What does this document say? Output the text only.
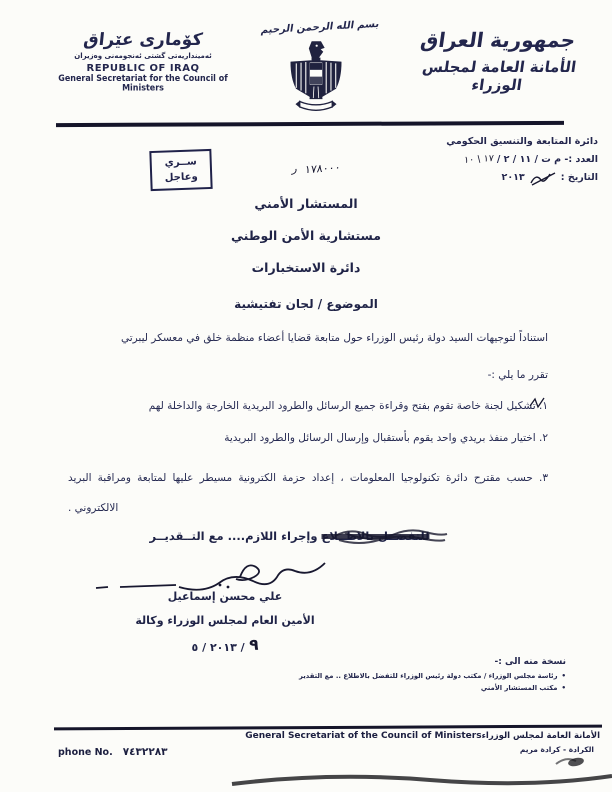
كۆماری عێراق
ئەمینداریەتی گشتی ئەنجومەنی وەزیران
REPUBLIC OF IRAQ
General Secretariat for the Council of Ministers
بسم الله الرحمن الرحيم
جمهورية العراق
الأمانة العامة لمجلس الوزراء
دائرة المتابعة والتنسيق الحكومي
العدد :- م ت / ١١ / ٢ /
١٧ \ ١٠
التاريخ :
٢٠١٣
ســري
وعاجل
ر ١٧٨٠٠٠
المستشار الأمني
مستشارية الأمن الوطني
دائرة الاستخبارات
الموضوع / لجان تفتيشية
استناداً لتوجيهات السيد دولة رئيس الوزراء حول متابعة قضايا أعضاء منظمة خلق في معسكر ليبرتي
تقرر ما يلي :-
١. تشكيل لجنة خاصة تقوم بفتح وقراءة جميع الرسائل والطرود البريدية الخارجة والداخلة لهم
٢. اختيار منفذ بريدي واحد يقوم بأستقبال وإرسال الرسائل والطرود البريدية
٣. حسب مقترح دائرة تكنولوجيا المعلومات ، إعداد حزمة الكترونية مسيطر عليها لمتابعة ومراقبة البريد الالكتروني .
للتفضــل بالاطــلاع وإجراء اللازم.... مع التــقديــر
علي محسن إسماعيل
الأمين العام لمجلس الوزراء وكالة
٢٠١٣ / ٥ / ٩
نسخة منه الى :-
•
رئاسة مجلس الوزراء / مكتب دولة رئيس الوزراء للتفضل بالاطلاع .. مع التقدير
•
مكتب المستشار الأمني
General Secretariat of the Council of Ministers الأمانة العامة لمجلس الوزراء
الكرادة - كرادة مريم
phone No. ٧٤٣٢٢٨٣
